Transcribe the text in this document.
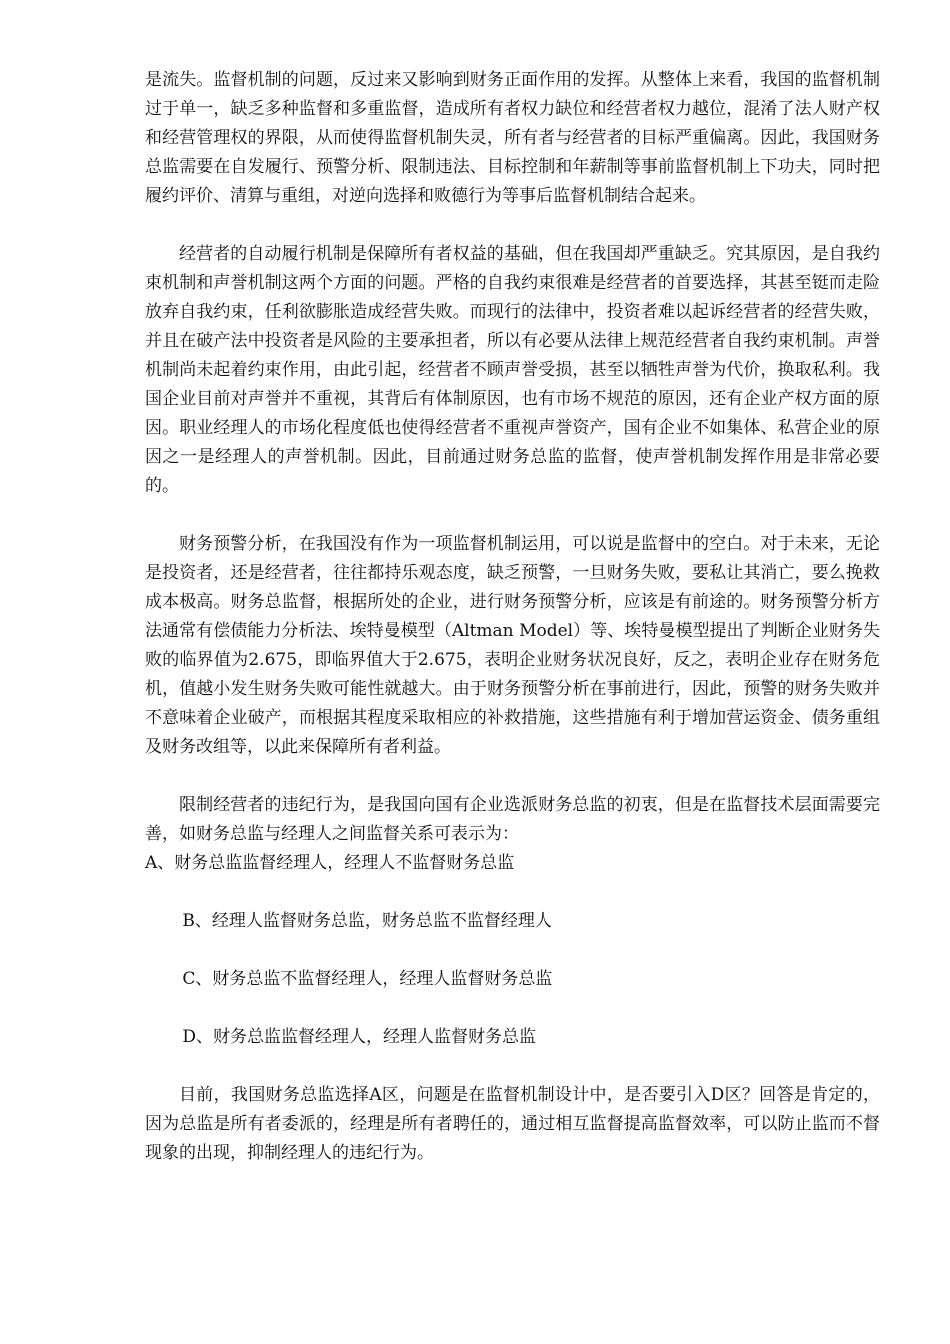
是流失。监督机制的问题，反过来又影响到财务正面作用的发挥。从整体上来看，我国的监督机制过于单一，缺乏多种监督和多重监督，造成所有者权力缺位和经营者权力越位，混淆了法人财产权和经营管理权的界限，从而使得监督机制失灵，所有者与经营者的目标严重偏离。因此，我国财务总监需要在自发履行、预警分析、限制违法、目标控制和年薪制等事前监督机制上下功夫，同时把履约评价、清算与重组，对逆向选择和败德行为等事后监督机制结合起来。

经营者的自动履行机制是保障所有者权益的基础，但在我国却严重缺乏。究其原因，是自我约束机制和声誉机制这两个方面的问题。严格的自我约束很难是经营者的首要选择，其甚至铤而走险放弃自我约束，任利欲膨胀造成经营失败。而现行的法律中，投资者难以起诉经营者的经营失败，并且在破产法中投资者是风险的主要承担者，所以有必要从法律上规范经营者自我约束机制。声誉机制尚未起着约束作用，由此引起，经营者不顾声誉受损，甚至以牺牲声誉为代价，换取私利。我国企业目前对声誉并不重视，其背后有体制原因，也有市场不规范的原因，还有企业产权方面的原因。职业经理人的市场化程度低也使得经营者不重视声誉资产，国有企业不如集体、私营企业的原因之一是经理人的声誉机制。因此，目前通过财务总监的监督，使声誉机制发挥作用是非常必要的。

财务预警分析，在我国没有作为一项监督机制运用，可以说是监督中的空白。对于未来，无论是投资者，还是经营者，往往都持乐观态度，缺乏预警，一旦财务失败，要私让其消亡，要么挽救成本极高。财务总监督，根据所处的企业，进行财务预警分析，应该是有前途的。财务预警分析方法通常有偿债能力分析法、埃特曼模型（Altman Model）等、埃特曼模型提出了判断企业财务失败的临界值为2.675，即临界值大于2.675，表明企业财务状况良好，反之，表明企业存在财务危机，值越小发生财务失败可能性就越大。由于财务预警分析在事前进行，因此，预警的财务失败并不意味着企业破产，而根据其程度采取相应的补救措施，这些措施有利于增加营运资金、债务重组及财务改组等，以此来保障所有者利益。

限制经营者的违纪行为，是我国向国有企业选派财务总监的初衷，但是在监督技术层面需要完善，如财务总监与经理人之间监督关系可表示为：

A、财务总监监督经理人，经理人不监督财务总监

B、经理人监督财务总监，财务总监不监督经理人

C、财务总监不监督经理人，经理人监督财务总监

D、财务总监监督经理人，经理人监督财务总监

目前，我国财务总监选择A区，问题是在监督机制设计中，是否要引入D区？回答是肯定的，因为总监是所有者委派的，经理是所有者聘任的，通过相互监督提高监督效率，可以防止监而不督现象的出现，抑制经理人的违纪行为。
